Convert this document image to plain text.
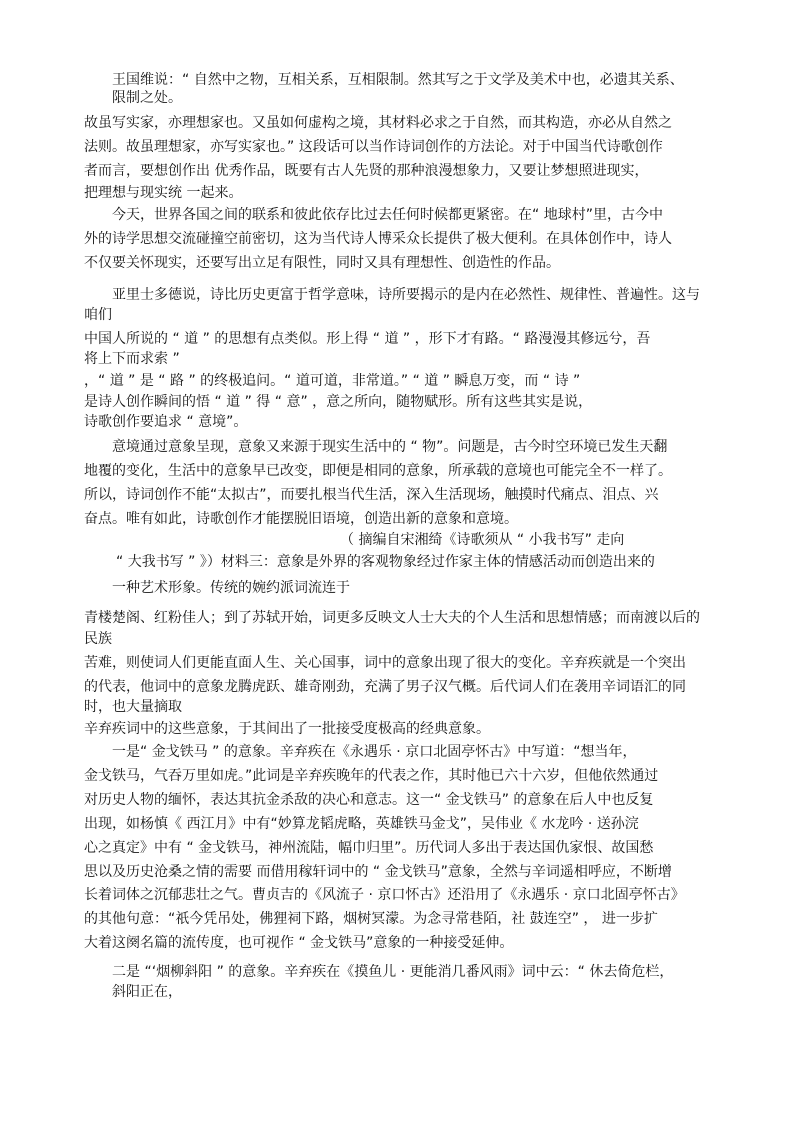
王国维说：“ 自然中之物，互相关系，互相限制。然其写之于文学及美术中也，必遗其关系、
限制之处。
故虽写实家，亦理想家也。又虽如何虚构之境，其材料必求之于自然，而其构造，亦必从自然之
法则。故虽理想家，亦写实家也。” 这段话可以当作诗词创作的方法论。对于中国当代诗歌创作
者而言，要想创作出 优秀作品，既要有古人先贤的那种浪漫想象力，又要让梦想照进现实，
把理想与现实统 一起来。
今天，世界各国之间的联系和彼此依存比过去任何时候都更紧密。在“ 地球村”里，古今中
外的诗学思想交流碰撞空前密切，这为当代诗人博采众长提供了极大便利。在具体创作中，诗人
不仅要关怀现实，还要写出立足有限性，同时又具有理想性、创造性的作品。
亚里士多德说，诗比历史更富于哲学意味，诗所要揭示的是内在必然性、规律性、普遍性。这与
咱们
中国人所说的 “ 道 ” 的思想有点类似。形上得 “ 道 ” ，形下才有路。“ 路漫漫其修远兮，吾
将上下而求索 ”
，“ 道 ” 是 “ 路 ” 的终极追问。“ 道可道，非常道。” “ 道 ” 瞬息万变，而 “ 诗 ”
是诗人创作瞬间的悟 “ 道 ” 得 “ 意” ，意之所向，随物赋形。所有这些其实是说，
诗歌创作要追求 “ 意境”。
意境通过意象呈现，意象又来源于现实生活中的 “ 物”。问题是，古今时空环境已发生天翻
地覆的变化，生活中的意象早已改变，即便是相同的意象，所承载的意境也可能完全不一样了。
所以，诗词创作不能“太拟古”，而要扎根当代生活，深入生活现场，触摸时代痛点、泪点、兴
奋点。唯有如此，诗歌创作才能摆脱旧语境，创造出新的意象和意境。
（ 摘编自宋湘绮《诗歌须从 “ 小我书写” 走向
“ 大我书写 ” 》）材料三：意象是外界的客观物象经过作家主体的情感活动而创造出来的
一种艺术形象。传统的婉约派词流连于
青楼楚阁、红粉佳人；到了苏轼开始，词更多反映文人士大夫的个人生活和思想情感；而南渡以后的
民族
苦难，则使词人们更能直面人生、关心国事，词中的意象出现了很大的变化。辛弃疾就是一个突出
的代表，他词中的意象龙腾虎跃、雄奇刚劲，充满了男子汉气概。后代词人们在袭用辛词语汇的同
时，也大量摘取
辛弃疾词中的这些意象，于其间出了一批接受度极高的经典意象。
一是“ 金戈铁马 ” 的意象。辛弃疾在《永遇乐 · 京口北固亭怀古》中写道：“想当年，
金戈铁马，气吞万里如虎。”此词是辛弃疾晚年的代表之作，其时他已六十六岁，但他依然通过
对历史人物的缅怀，表达其抗金杀敌的决心和意志。这一“ 金戈铁马” 的意象在后人中也反复
出现，如杨慎《 西江月》中有“妙算龙韬虎略，英雄铁马金戈”，吴伟业《 水龙吟 · 送孙浣
心之真定》中有 “ 金戈铁马，神州流陆，幅巾归里”。历代词人多出于表达国仇家恨、故国愁
思以及历史沧桑之情的需要 而借用稼轩词中的 “ 金戈铁马”意象，全然与辛词遥相呼应，不断增
长着词体之沉郁悲壮之气。曹贞吉的《风流子 · 京口怀古》还沿用了《永遇乐 · 京口北固亭怀古》
的其他句意：“祇今凭吊处，佛狸祠下路，烟树冥濛。为念寻常巷陌，社 鼓连空” ， 进一步扩
大着这阕名篇的流传度，也可视作 “ 金戈铁马”意象的一种接受延伸。
二是 “‘烟柳斜阳 ” 的意象。辛弃疾在《摸鱼儿 · 更能消几番风雨》词中云：“ 休去倚危栏，
斜阳正在，
